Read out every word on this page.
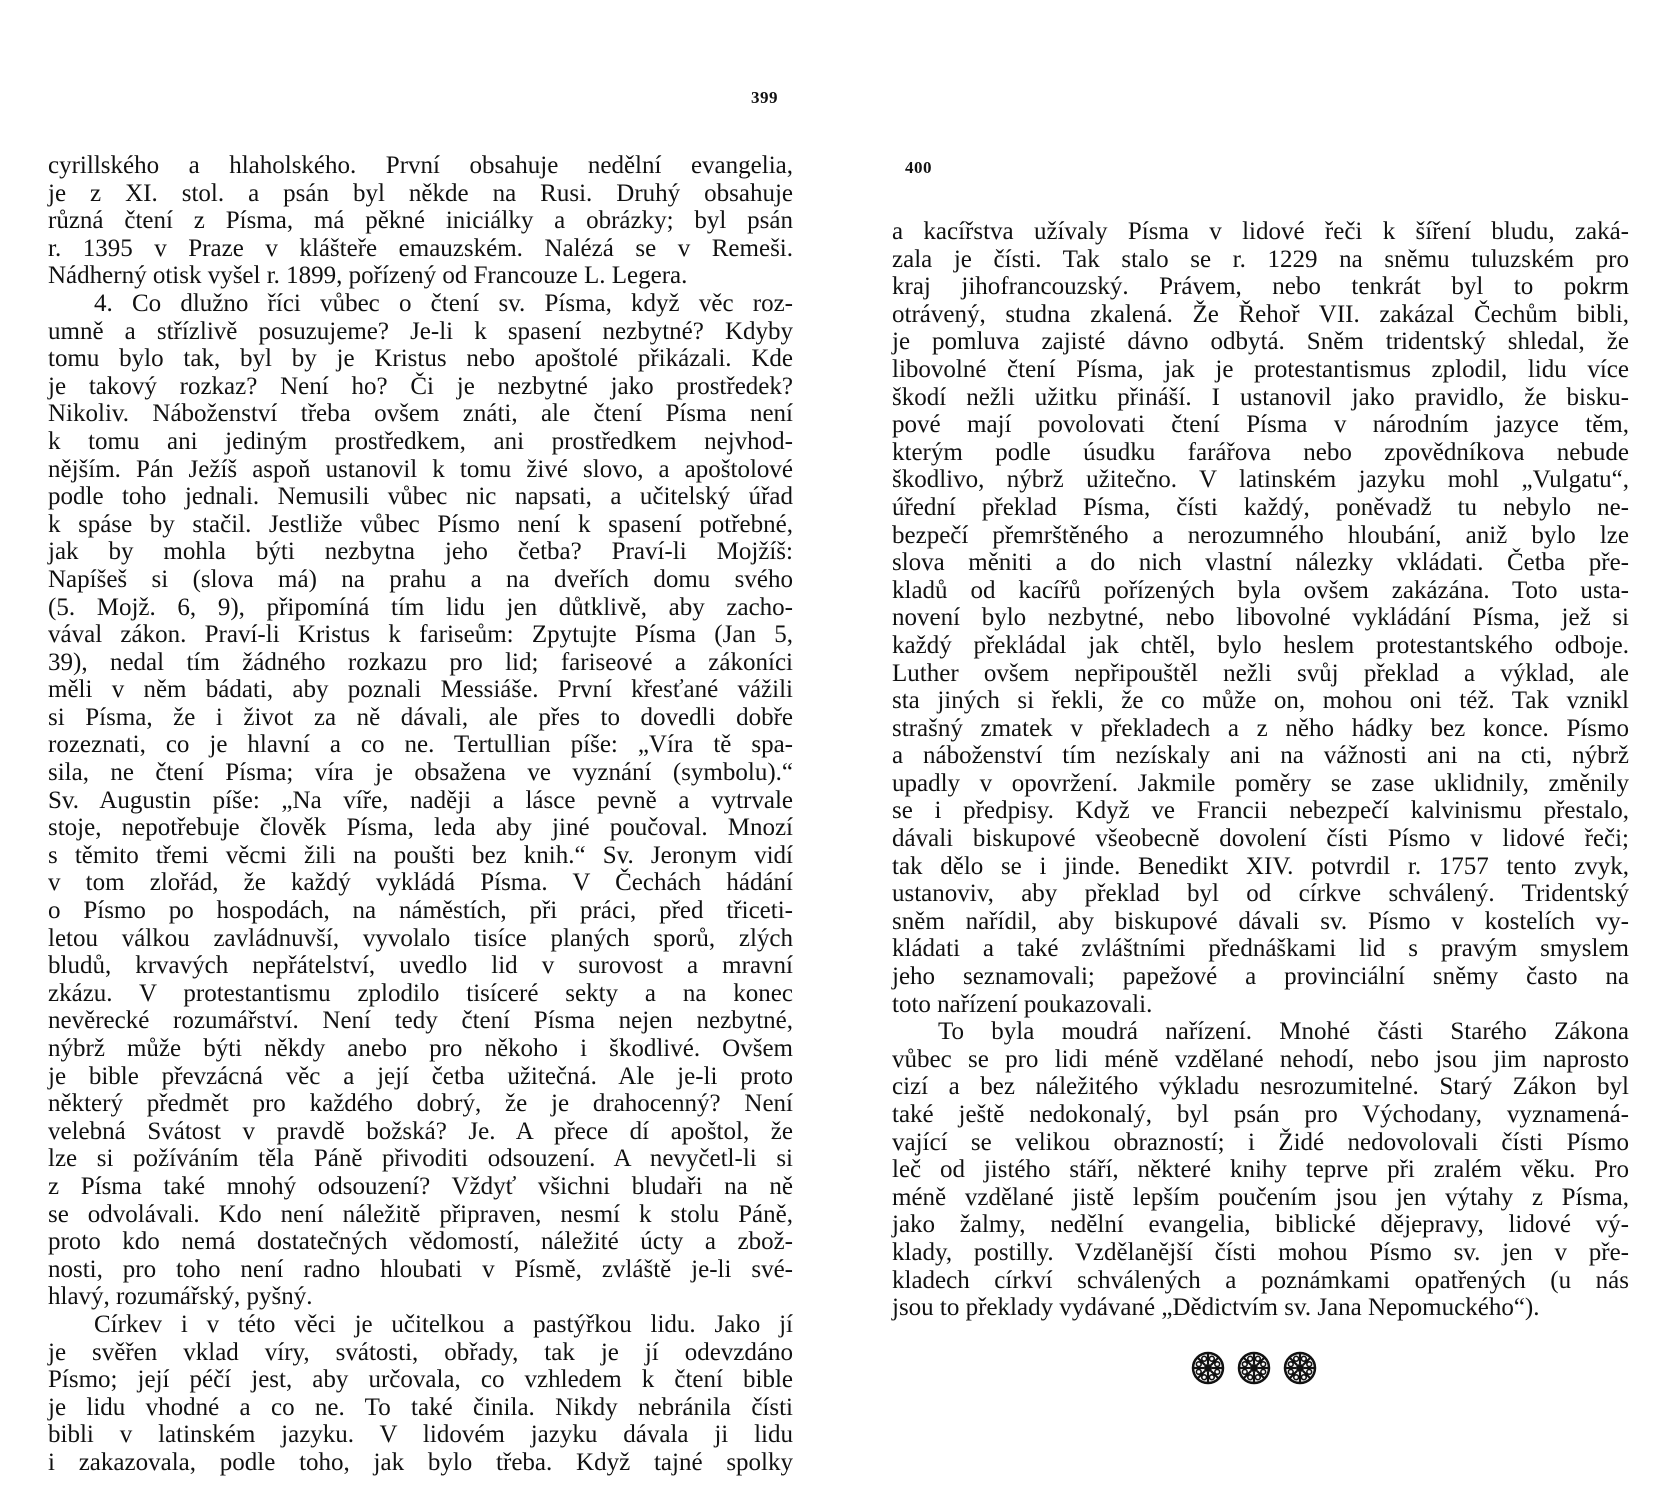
399
cyrillského a hlaholského. První obsahuje nedělní evangelia,
je z XI. stol. a psán byl někde na Rusi. Druhý obsahuje
různá čtení z Písma, má pěkné iniciálky a obrázky; byl psán
r. 1395 v Praze v klášteře emauzském. Nalézá se v Remeši.
Nádherný otisk vyšel r. 1899, pořízený od Francouze L. Legera.
4. Co dlužno říci vůbec o čtení sv. Písma, když věc roz-
umně a střízlivě posuzujeme? Je-li k spasení nezbytné? Kdyby
tomu bylo tak, byl by je Kristus nebo apoštolé přikázali. Kde
je takový rozkaz? Není ho? Či je nezbytné jako prostředek?
Nikoliv. Náboženství třeba ovšem znáti, ale čtení Písma není
k tomu ani jediným prostředkem, ani prostředkem nejvhod-
nějším. Pán Ježíš aspoň ustanovil k tomu živé slovo, a apoštolové
podle toho jednali. Nemusili vůbec nic napsati, a učitelský úřad
k spáse by stačil. Jestliže vůbec Písmo není k spasení potřebné,
jak by mohla býti nezbytna jeho četba? Praví-li Mojžíš:
Napíšeš si (slova má) na prahu a na dveřích domu svého
(5. Mojž. 6, 9), připomíná tím lidu jen důtklivě, aby zacho-
vával zákon. Praví-li Kristus k fariseům: Zpytujte Písma (Jan 5,
39), nedal tím žádného rozkazu pro lid; fariseové a zákoníci
měli v něm bádati, aby poznali Messiáše. První křesťané vážili
si Písma, že i život za ně dávali, ale přes to dovedli dobře
rozeznati, co je hlavní a co ne. Tertullian píše: „Víra tě spa-
sila, ne čtení Písma; víra je obsažena ve vyznání (symbolu).“
Sv. Augustin píše: „Na víře, naději a lásce pevně a vytrvale
stoje, nepotřebuje člověk Písma, leda aby jiné poučoval. Mnozí
s těmito třemi věcmi žili na poušti bez knih.“ Sv. Jeronym vidí
v tom zlořád, že každý vykládá Písma. V Čechách hádání
o Písmo po hospodách, na náměstích, při práci, před třiceti-
letou válkou zavládnuvší, vyvolalo tisíce planých sporů, zlých
bludů, krvavých nepřátelství, uvedlo lid v surovost a mravní
zkázu. V protestantismu zplodilo tisíceré sekty a na konec
nevěrecké rozumářství. Není tedy čtení Písma nejen nezbytné,
nýbrž může býti někdy anebo pro někoho i škodlivé. Ovšem
je bible převzácná věc a její četba užitečná. Ale je-li proto
některý předmět pro každého dobrý, že je drahocenný? Není
velebná Svátost v pravdě božská? Je. A přece dí apoštol, že
lze si požíváním těla Páně přivoditi odsouzení. A nevyčetl-li si
z Písma také mnohý odsouzení? Vždyť všichni bludaři na ně
se odvolávali. Kdo není náležitě připraven, nesmí k stolu Páně,
proto kdo nemá dostatečných vědomostí, náležité úcty a zbož-
nosti, pro toho není radno hloubati v Písmě, zvláště je-li své-
hlavý, rozumářský, pyšný.
Církev i v této věci je učitelkou a pastýřkou lidu. Jako jí
je svěřen vklad víry, svátosti, obřady, tak je jí odevzdáno
Písmo; její péčí jest, aby určovala, co vzhledem k čtení bible
je lidu vhodné a co ne. To také činila. Nikdy nebránila čísti
bibli v latinském jazyku. V lidovém jazyku dávala ji lidu
i zakazovala, podle toho, jak bylo třeba. Když tajné spolky
400
a kacířstva užívaly Písma v lidové řeči k šíření bludu, zaká-
zala je čísti. Tak stalo se r. 1229 na sněmu tuluzském pro
kraj jihofrancouzský. Právem, nebo tenkrát byl to pokrm
otrávený, studna zkalená. Že Řehoř VII. zakázal Čechům bibli,
je pomluva zajisté dávno odbytá. Sněm tridentský shledal, že
libovolné čtení Písma, jak je protestantismus zplodil, lidu více
škodí nežli užitku přináší. I ustanovil jako pravidlo, že bisku-
pové mají povolovati čtení Písma v národním jazyce těm,
kterým podle úsudku farářova nebo zpovědníkova nebude
škodlivo, nýbrž užitečno. V latinském jazyku mohl „Vulgatu“,
úřední překlad Písma, čísti každý, poněvadž tu nebylo ne-
bezpečí přemrštěného a nerozumného hloubání, aniž bylo lze
slova měniti a do nich vlastní nálezky vkládati. Četba pře-
kladů od kacířů pořízených byla ovšem zakázána. Toto usta-
novení bylo nezbytné, nebo libovolné vykládání Písma, jež si
každý překládal jak chtěl, bylo heslem protestantského odboje.
Luther ovšem nepřipouštěl nežli svůj překlad a výklad, ale
sta jiných si řekli, že co může on, mohou oni též. Tak vznikl
strašný zmatek v překladech a z něho hádky bez konce. Písmo
a náboženství tím nezískaly ani na vážnosti ani na cti, nýbrž
upadly v opovržení. Jakmile poměry se zase uklidnily, změnily
se i předpisy. Když ve Francii nebezpečí kalvinismu přestalo,
dávali biskupové všeobecně dovolení čísti Písmo v lidové řeči;
tak dělo se i jinde. Benedikt XIV. potvrdil r. 1757 tento zvyk,
ustanoviv, aby překlad byl od církve schválený. Tridentský
sněm nařídil, aby biskupové dávali sv. Písmo v kostelích vy-
kládati a také zvláštními přednáškami lid s pravým smyslem
jeho seznamovali; papežové a provinciální sněmy často na
toto nařízení poukazovali.
To byla moudrá nařízení. Mnohé části Starého Zákona
vůbec se pro lidi méně vzdělané nehodí, nebo jsou jim naprosto
cizí a bez náležitého výkladu nesrozumitelné. Starý Zákon byl
také ještě nedokonalý, byl psán pro Východany, vyznamená-
vající se velikou obrazností; i Židé nedovolovali čísti Písmo
leč od jistého stáří, některé knihy teprve při zralém věku. Pro
méně vzdělané jistě lepším poučením jsou jen výtahy z Písma,
jako žalmy, nedělní evangelia, biblické dějepravy, lidové vý-
klady, postilly. Vzdělanější čísti mohou Písmo sv. jen v pře-
kladech církví schválených a poznámkami opatřených (u nás
jsou to překlady vydávané „Dědictvím sv. Jana Nepomuckého“).
